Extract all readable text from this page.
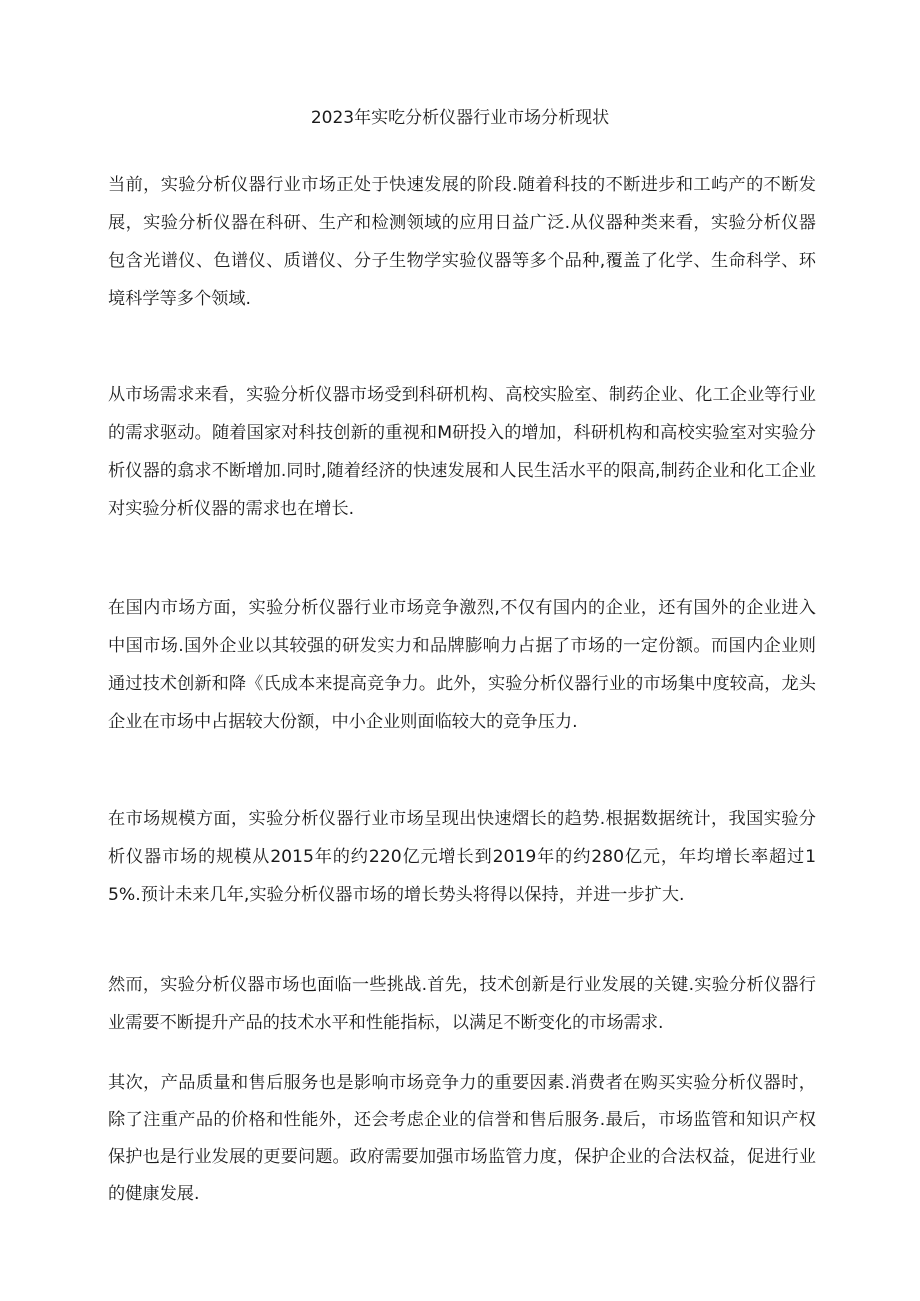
2023年实吃分析仪器行业市场分析现状

当前，实验分析仪器行业市场正处于快速发展的阶段.随着科技的不断进步和工屿产的不断发展，实验分析仪器在科研、生产和检测领域的应用日益广泛.从仪器种类来看，实验分析仪器包含光谱仪、色谱仪、质谱仪、分子生物学实验仪器等多个品种,覆盖了化学、生命科学、环境科学等多个领域.

从市场需求来看，实验分析仪器市场受到科研机构、高校实脸室、制药企业、化工企业等行业的需求驱动。随着国家对科技创新的重视和M研投入的增加，科研机构和高校实验室对实验分析仪器的翕求不断增加.同时,随着经济的快速发展和人民生活水平的限高,制药企业和化工企业对实验分析仪器的需求也在增长.

在国内市场方面，实验分析仪器行业市场竞争激烈,不仅有国内的企业，还有国外的企业进入中国市场.国外企业以其较强的研发实力和品牌膨响力占据了市场的一定份额。而国内企业则通过技术创新和降《氏成本来提高竞争力。此外，实验分析仪器行业的市场集中度较高，龙头企业在市场中占据较大份额，中小企业则面临较大的竞争压力.

在市场规模方面，实验分析仪器行业市场呈现出快速熠长的趋势.根据数据统计，我国实验分析仪器市场的规模从2015年的约220亿元增长到2019年的约280亿元，年均增长率超过15%.预计未来几年,实验分析仪器市场的增长势头将得以保持，并进一步扩大.

然而，实验分析仪器市场也面临一些挑战.首先，技术创新是行业发展的关键.实验分析仪器行业需要不断提升产品的技术水平和性能指标，以满足不断变化的市场需求.

其次，产品质量和售后服务也是影响市场竞争力的重要因素.消费者在购买实验分析仪器时，除了注重产品的价格和性能外，还会考虑企业的信誉和售后服务.最后，市场监管和知识产权保护也是行业发展的更要问题。政府需要加强市场监管力度，保护企业的合法权益，促进行业的健康发展.
